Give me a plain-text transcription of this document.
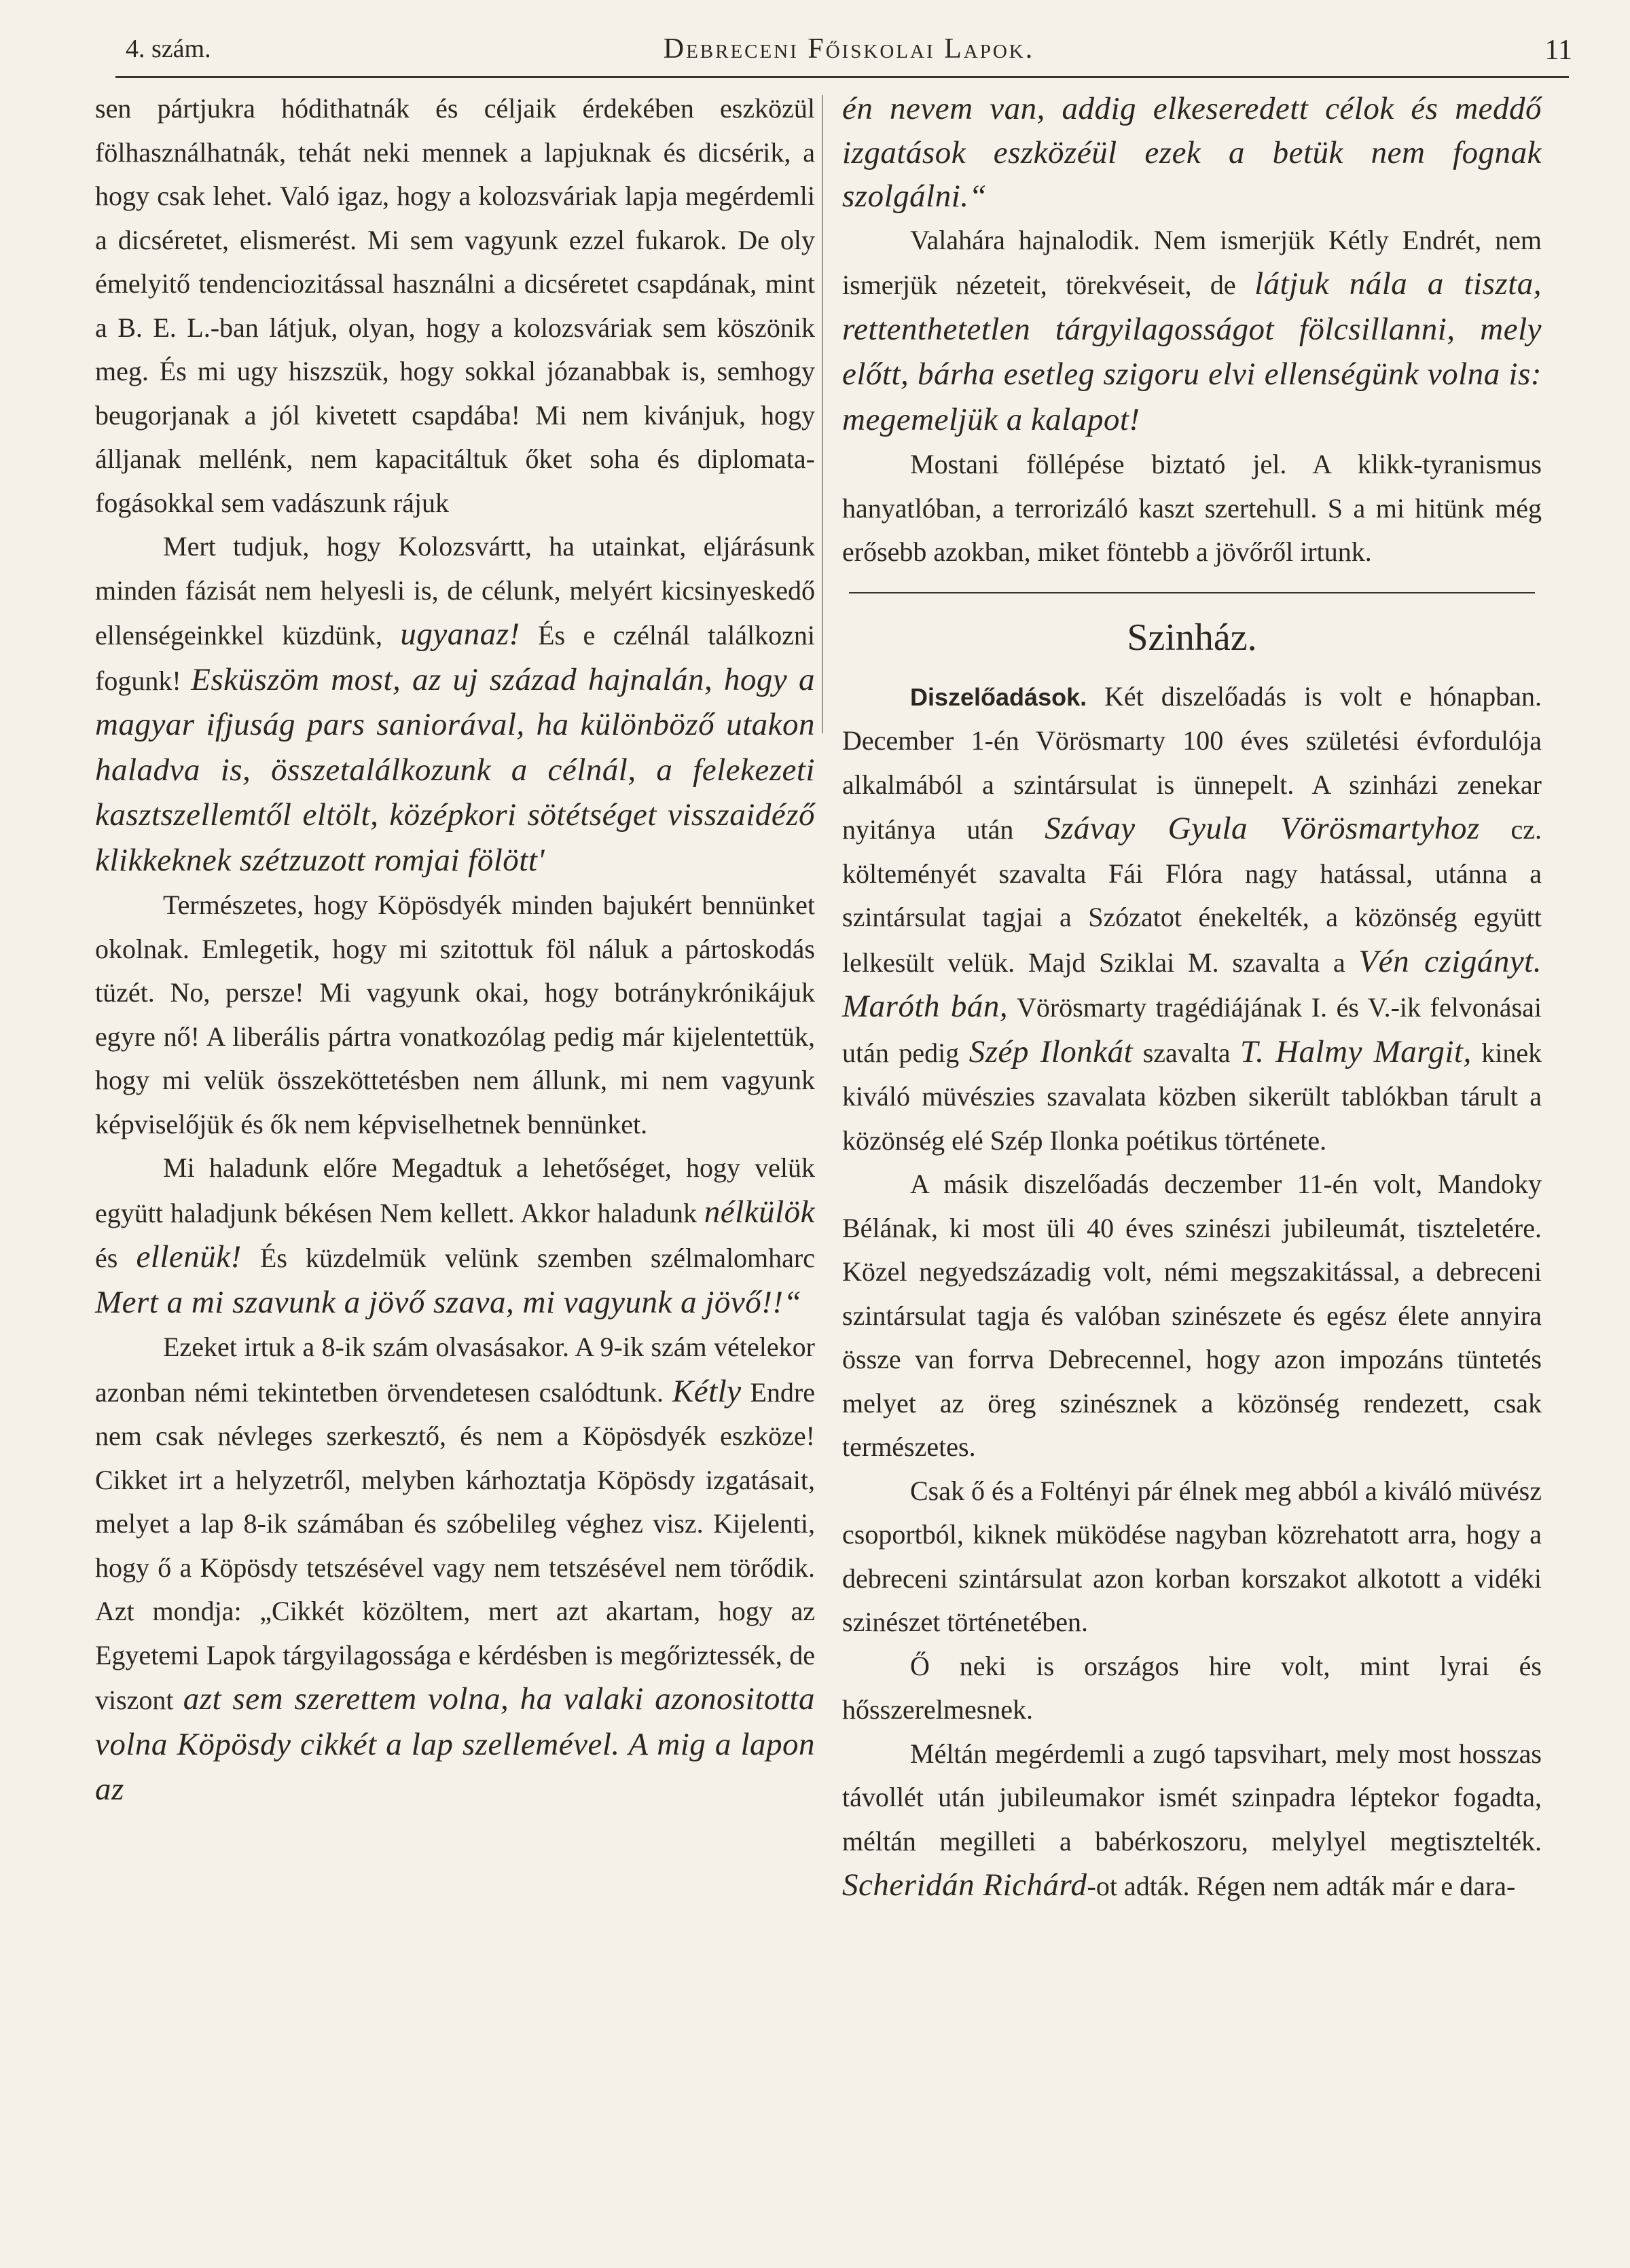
4. szám.	Debreceni Főiskolai Lapok.	11

sen pártjukra hódithatnák és céljaik érdekében eszközül fölhasználhatnák, tehát neki mennek a lapjuknak és dicsérik, a hogy csak lehet. Való igaz, hogy a kolozsváriak lapja megérdemli a dicséretet, elismerést. Mi sem vagyunk ezzel fukarok. De oly émelyitő tendenciozitással használni a dicséretet csapdának, mint a B. E. L.-ban látjuk, olyan, hogy a kolozsváriak sem köszönik meg. És mi ugy hiszszük, hogy sokkal józanabbak is, semhogy beugorjanak a jól kivetett csapdába! Mi nem kivánjuk, hogy álljanak mellénk, nem kapacitáltuk őket soha és diplomata-fogásokkal sem vadászunk rájuk

Mert tudjuk, hogy Kolozsvártt, ha utainkat, eljárásunk minden fázisát nem helyesli is, de célunk, melyért kicsinyeskedő ellenségeinkkel küzdünk, ugyanaz! És e czélnál találkozni fogunk! Esküszöm most, az uj század hajnalán, hogy a magyar ifjuság pars saniorával, ha különböző utakon haladva is, összetalálkozunk a célnál, a felekezeti kasztszellemtől eltölt, középkori sötétséget visszaidéző klikkeknek szétzuzott romjai fölött'

Természetes, hogy Köpösdyék minden bajukért bennünket okolnak. Emlegetik, hogy mi szitottuk föl náluk a pártoskodás tüzét. No, persze! Mi vagyunk okai, hogy botránykrónikájuk egyre nő! A liberális pártra vonatkozólag pedig már kijelentettük, hogy mi velük összeköttetésben nem állunk, mi nem vagyunk képviselőjük és ők nem képviselhetnek bennünket.

Mi haladunk előre Megadtuk a lehetőséget, hogy velük együtt haladjunk békésen Nem kellett. Akkor haladunk nélkülök és ellenük! És küzdelmük velünk szemben szélmalomharc Mert a mi szavunk a jövő szava, mi vagyunk a jövő!!“

Ezeket irtuk a 8-ik szám olvasásakor. A 9-ik szám vételekor azonban némi tekintetben örvendetesen csalódtunk. Kétly Endre nem csak névleges szerkesztő, és nem a Köpösdyék eszköze! Cikket irt a helyzetről, melyben kárhoztatja Köpösdy izgatásait, melyet a lap 8-ik számában és szóbelileg véghez visz. Kijelenti, hogy ő a Köpösdy tetszésével vagy nem tetszésével nem törődik. Azt mondja: „Cikkét közöltem, mert azt akartam, hogy az Egyetemi Lapok tárgyilagossága e kérdésben is megőriztessék, de viszont azt sem szerettem volna, ha valaki azonositotta volna Köpösdy cikkét a lap szellemével. A mig a lapon az

én nevem van, addig elkeseredett célok és meddő izgatások eszközéül ezek a betük nem fognak szolgálni.“

Valahára hajnalodik. Nem ismerjük Kétly Endrét, nem ismerjük nézeteit, törekvéseit, de látjuk nála a tiszta, rettenthetetlen tárgyilagosságot fölcsillanni, mely előtt, bárha esetleg szigoru elvi ellenségünk volna is: megemeljük a kalapot!

Mostani föllépése biztató jel. A klikk-tyranismus hanyatlóban, a terrorizáló kaszt szertehull. S a mi hitünk még erősebb azokban, miket föntebb a jövőről irtunk.

Szinház.

Diszelőadások. Két diszelőadás is volt e hónapban. December 1-én Vörösmarty 100 éves születési évfordulója alkalmából a szintársulat is ünnepelt. A szinházi zenekar nyitánya után Szávay Gyula Vörösmartyhoz cz. költeményét szavalta Fái Flóra nagy hatással, utánna a szintársulat tagjai a Szózatot énekelték, a közönség együtt lelkesült velük. Majd Sziklai M. szavalta a Vén czigányt. Maróth bán, Vörösmarty tragédiájának I. és V.-ik felvonásai után pedig Szép Ilonkát szavalta T. Halmy Margit, kinek kiváló müvészies szavalata közben sikerült tablókban tárult a közönség elé Szép Ilonka poétikus története.

A másik diszelőadás deczember 11-én volt, Mandoky Bélának, ki most üli 40 éves szinészi jubileumát, tiszteletére. Közel negyedszázadig volt, némi megszakitással, a debreceni szintársulat tagja és valóban szinészete és egész élete annyira össze van forrva Debrecennel, hogy azon impozáns tüntetés melyet az öreg szinésznek a közönség rendezett, csak természetes.

Csak ő és a Foltényi pár élnek meg abból a kiváló müvész csoportból, kiknek müködése nagyban közrehatott arra, hogy a debreceni szintársulat azon korban korszakot alkotott a vidéki szinészet történetében.

Ő neki is országos hire volt, mint lyrai és hősszerelmesnek.

Méltán megérdemli a zugó tapsvihart, mely most hosszas távollét után jubileumakor ismét szinpadra léptekor fogadta, méltán megilleti a babérkoszoru, melylyel megtisztelték. Scheridán Richárd-ot adták. Régen nem adták már e dara-
